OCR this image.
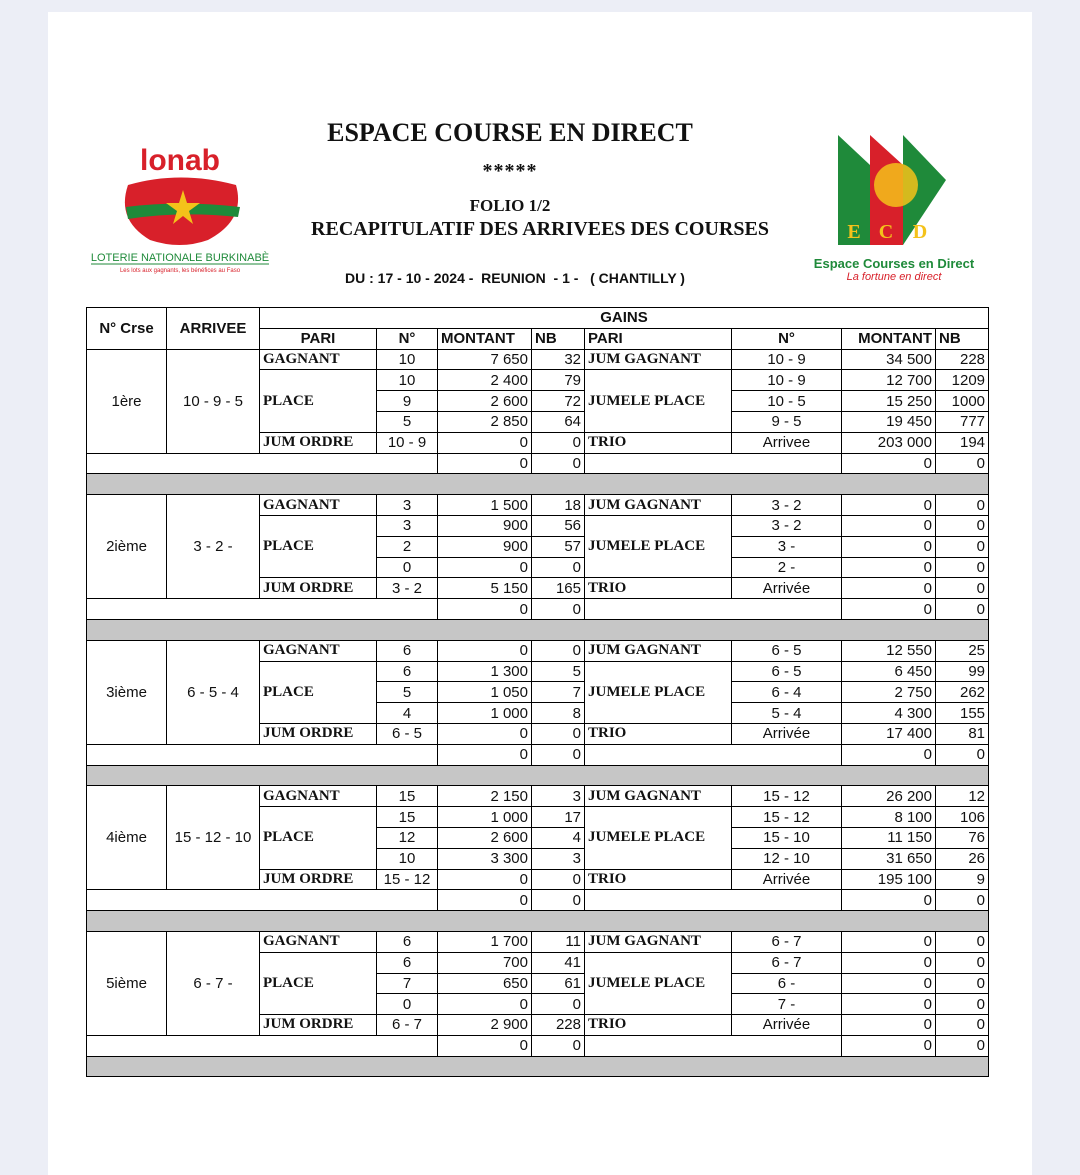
lonab
LOTERIE NATIONALE BURKINABÈ
Les lots aux gagnants, les bénéfices au Faso
E C D
Espace Courses en Direct
La fortune en direct
ESPACE COURSE EN DIRECT
*****
FOLIO 1/2
RECAPITULATIF DES ARRIVEES DES COURSES
DU : 17 - 10 - 2024 -  REUNION  - 1 -   ( CHANTILLY )
N° Crse	ARRIVEE	GAINS							
		PARI	N°	MONTANT	NB	PARI	N°	MONTANT	NB
1ère	10 - 9 - 5	GAGNANT	10	7 650	32	JUM GAGNANT	10 - 9	34 500	228
		PLACE	10	2 400	79	JUMELE PLACE	10 - 9	12 700	1209
			9	2 600	72		10 - 5	15 250	1000
			5	2 850	64		9 - 5	19 450	777
		JUM ORDRE	10 - 9	0	0	TRIO	Arrivee	203 000	194
				0	0			0	0

2ième	3 - 2 -	GAGNANT	3	1 500	18	JUM GAGNANT	3 - 2	0	0
		PLACE	3	900	56	JUMELE PLACE	3 - 2	0	0
			2	900	57		3 -	0	0
			0	0	0		2 -	0	0
		JUM ORDRE	3 - 2	5 150	165	TRIO	Arrivée	0	0
				0	0			0	0

3ième	6 - 5 - 4	GAGNANT	6	0	0	JUM GAGNANT	6 - 5	12 550	25
		PLACE	6	1 300	5	JUMELE PLACE	6 - 5	6 450	99
			5	1 050	7		6 - 4	2 750	262
			4	1 000	8		5 - 4	4 300	155
		JUM ORDRE	6 - 5	0	0	TRIO	Arrivée	17 400	81
				0	0			0	0

4ième	15 - 12 - 10	GAGNANT	15	2 150	3	JUM GAGNANT	15 - 12	26 200	12
		PLACE	15	1 000	17	JUMELE PLACE	15 - 12	8 100	106
			12	2 600	4		15 - 10	11 150	76
			10	3 300	3		12 - 10	31 650	26
		JUM ORDRE	15 - 12	0	0	TRIO	Arrivée	195 100	9
				0	0			0	0

5ième	6 - 7 -	GAGNANT	6	1 700	11	JUM GAGNANT	6 - 7	0	0
		PLACE	6	700	41	JUMELE PLACE	6 - 7	0	0
			7	650	61		6 -	0	0
			0	0	0		7 -	0	0
		JUM ORDRE	6 - 7	2 900	228	TRIO	Arrivée	0	0
				0	0			0	0
